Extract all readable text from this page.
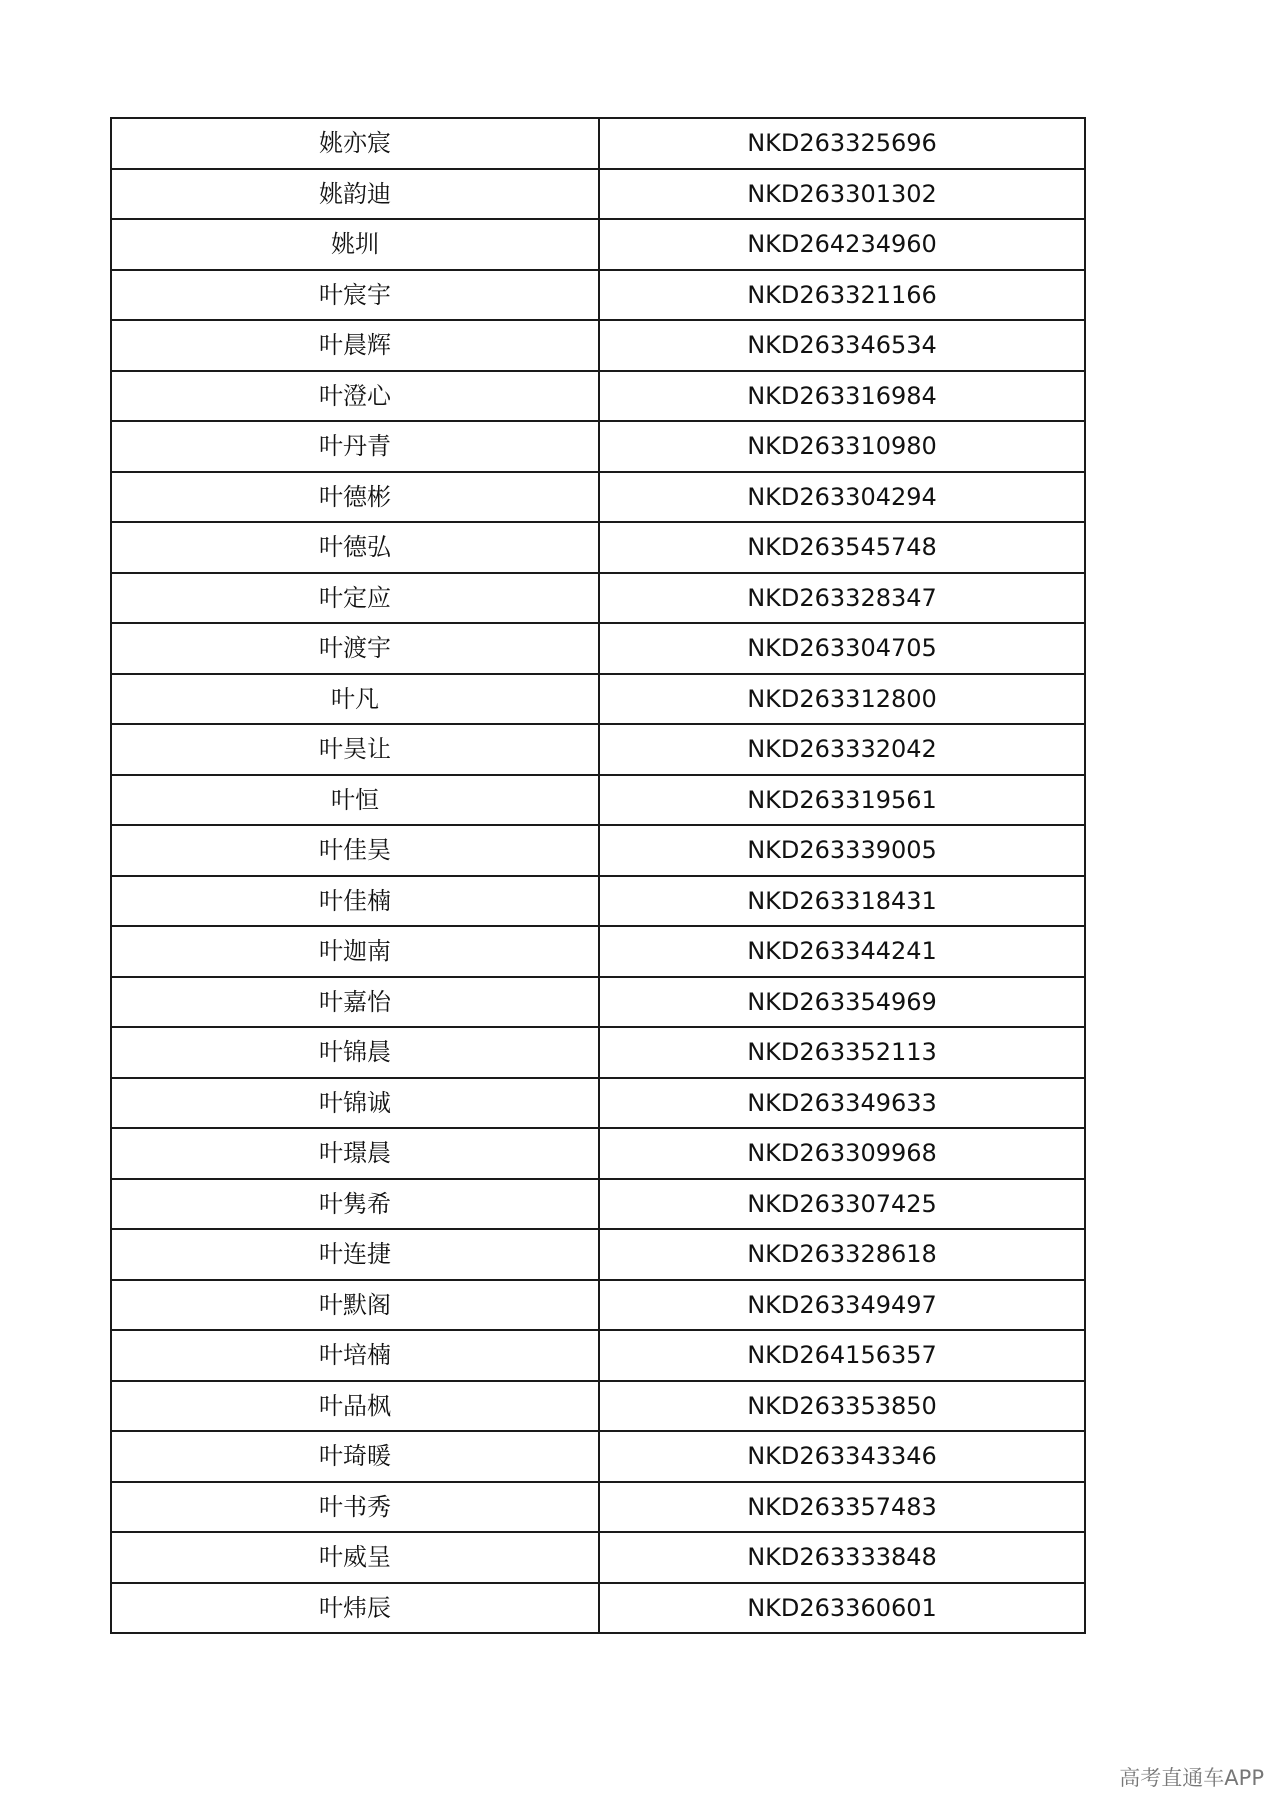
姚亦宸	NKD263325696
姚韵迪	NKD263301302
姚圳	NKD264234960
叶宸宇	NKD263321166
叶晨辉	NKD263346534
叶澄心	NKD263316984
叶丹青	NKD263310980
叶德彬	NKD263304294
叶德弘	NKD263545748
叶定应	NKD263328347
叶渡宇	NKD263304705
叶凡	NKD263312800
叶昊让	NKD263332042
叶恒	NKD263319561
叶佳昊	NKD263339005
叶佳楠	NKD263318431
叶迦南	NKD263344241
叶嘉怡	NKD263354969
叶锦晨	NKD263352113
叶锦诚	NKD263349633
叶璟晨	NKD263309968
叶隽希	NKD263307425
叶连捷	NKD263328618
叶默阁	NKD263349497
叶培楠	NKD264156357
叶品枫	NKD263353850
叶琦暖	NKD263343346
叶书秀	NKD263357483
叶威呈	NKD263333848
叶炜辰	NKD263360601
高考直通车APP
